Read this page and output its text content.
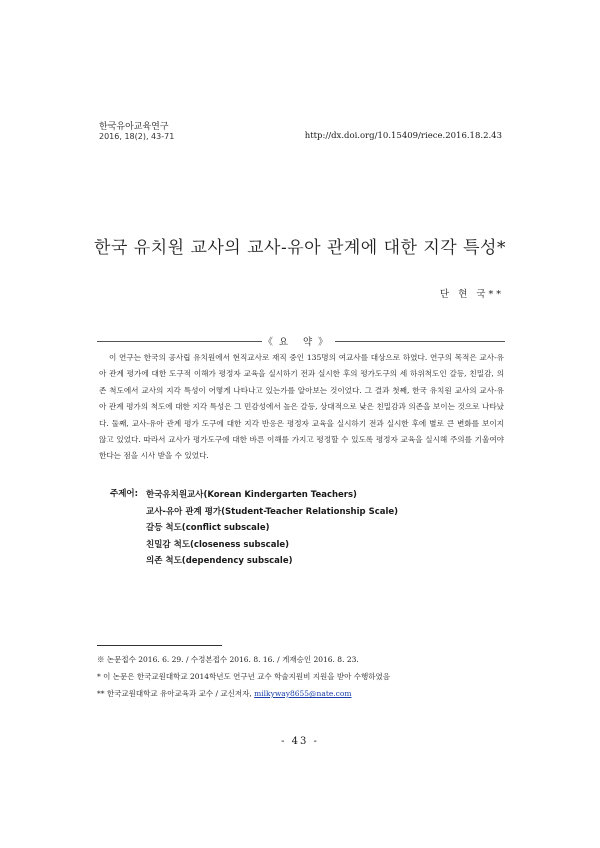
한국유아교육연구
2016, 18(2), 43-71	http://dx.doi.org/10.15409/riece.2016.18.2.43
한국 유치원 교사의 교사-유아 관계에 대한 지각 특성*
단 현 국**
《요 약》

이 연구는 한국의 공사립 유치원에서 현직교사로 재직 중인 135명의 여교사를 대상으로 하였다. 연구의 목적은 교사-유아 관계 평가에 대한 도구적 이해가 평정자 교육을 실시하기 전과 실시한 후의 평가도구의 세 하위척도인 갈등, 친밀감, 의존 척도에서 교사의 지각 특성이 어떻게 나타나고 있는가를 알아보는 것이었다. 그 결과 첫째, 한국 유치원 교사의 교사-유아 관계 평가의 척도에 대한 지각 특성은 그 민감성에서 높은 갈등, 상대적으로 낮은 친밀감과 의존을 보이는 것으로 나타났다. 둘째, 교사-유아 관계 평가 도구에 대한 지각 반응은 평정자 교육을 실시하기 전과 실시한 후에 별로 큰 변화를 보이지 않고 있었다. 따라서 교사가 평가도구에 대한 바른 이해를 가지고 평정할 수 있도록 평정자 교육을 실시해 주의를 기울여야 한다는 점을 시사 받을 수 있었다.

주제어: 한국유치원교사(Korean Kindergarten Teachers)
교사-유아 관계 평가(Student-Teacher Relationship Scale)
갈등 척도(conflict subscale)
친밀감 척도(closeness subscale)
의존 척도(dependency subscale)
※ 논문접수 2016. 6. 29. / 수정본접수 2016. 8. 16. / 게재승인 2016. 8. 23.
* 이 논문은 한국교원대학교 2014학년도 연구년 교수 학술지원비 지원을 받아 수행하였음
** 한국교원대학교 유아교육과 교수 / 교신저자, milkyway8655@nate.com
- 43 -
